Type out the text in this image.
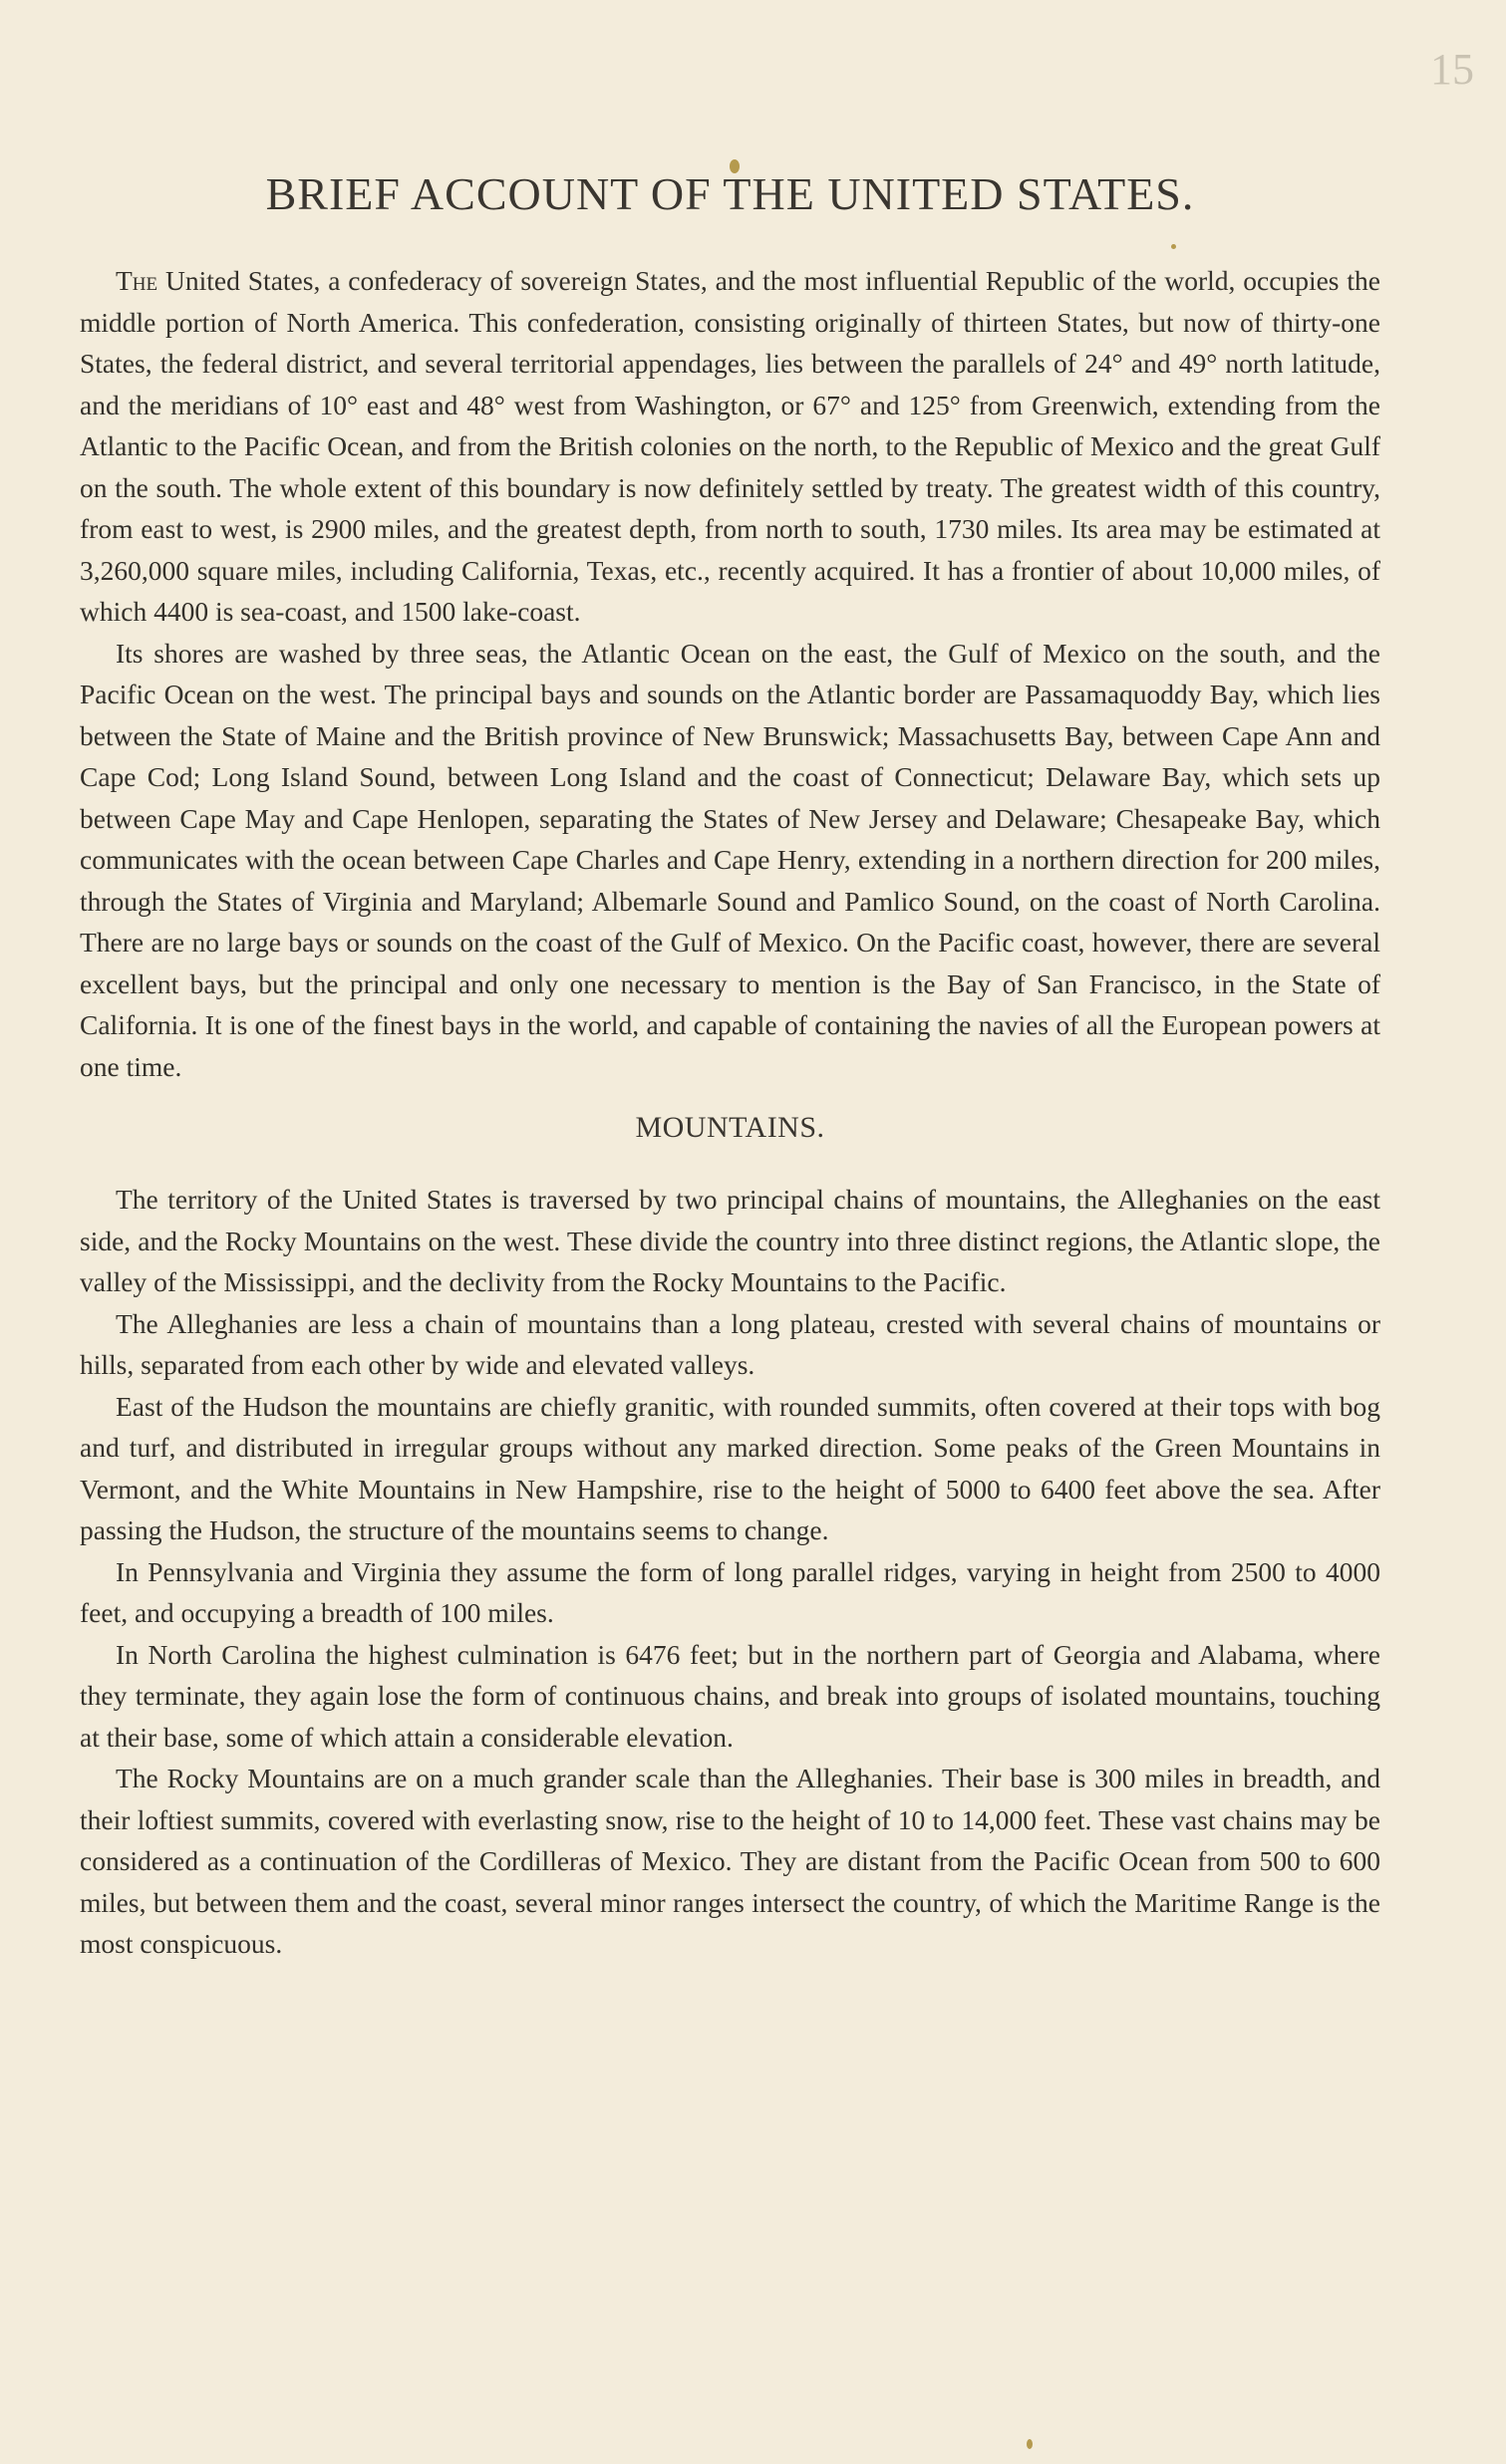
15
BRIEF ACCOUNT OF THE UNITED STATES.

The United States, a confederacy of sovereign States, and the most influential Republic of the world, occupies the middle portion of North America. This confederation, consisting originally of thirteen States, but now of thirty-one States, the federal district, and several territorial appendages, lies between the parallels of 24° and 49° north latitude, and the meridians of 10° east and 48° west from Washington, or 67° and 125° from Greenwich, extending from the Atlantic to the Pacific Ocean, and from the British colonies on the north, to the Republic of Mexico and the great Gulf on the south. The whole extent of this boundary is now definitely settled by treaty. The greatest width of this country, from east to west, is 2900 miles, and the greatest depth, from north to south, 1730 miles. Its area may be estimated at 3,260,000 square miles, including California, Texas, etc., recently acquired. It has a frontier of about 10,000 miles, of which 4400 is sea-coast, and 1500 lake-coast.

Its shores are washed by three seas, the Atlantic Ocean on the east, the Gulf of Mexico on the south, and the Pacific Ocean on the west. The principal bays and sounds on the Atlantic border are Passamaquoddy Bay, which lies between the State of Maine and the British province of New Brunswick; Massachusetts Bay, between Cape Ann and Cape Cod; Long Island Sound, between Long Island and the coast of Connecticut; Delaware Bay, which sets up between Cape May and Cape Henlopen, separating the States of New Jersey and Delaware; Chesapeake Bay, which communicates with the ocean between Cape Charles and Cape Henry, extending in a northern direction for 200 miles, through the States of Virginia and Maryland; Albemarle Sound and Pamlico Sound, on the coast of North Carolina. There are no large bays or sounds on the coast of the Gulf of Mexico. On the Pacific coast, however, there are several excellent bays, but the principal and only one necessary to mention is the Bay of San Francisco, in the State of California. It is one of the finest bays in the world, and capable of containing the navies of all the European powers at one time.

MOUNTAINS.

The territory of the United States is traversed by two principal chains of mountains, the Alleghanies on the east side, and the Rocky Mountains on the west. These divide the country into three distinct regions, the Atlantic slope, the valley of the Mississippi, and the declivity from the Rocky Mountains to the Pacific.

The Alleghanies are less a chain of mountains than a long plateau, crested with several chains of mountains or hills, separated from each other by wide and elevated valleys.

East of the Hudson the mountains are chiefly granitic, with rounded summits, often covered at their tops with bog and turf, and distributed in irregular groups without any marked direction. Some peaks of the Green Mountains in Vermont, and the White Mountains in New Hampshire, rise to the height of 5000 to 6400 feet above the sea. After passing the Hudson, the structure of the mountains seems to change.

In Pennsylvania and Virginia they assume the form of long parallel ridges, varying in height from 2500 to 4000 feet, and occupying a breadth of 100 miles.

In North Carolina the highest culmination is 6476 feet; but in the northern part of Georgia and Alabama, where they terminate, they again lose the form of continuous chains, and break into groups of isolated mountains, touching at their base, some of which attain a considerable elevation.

The Rocky Mountains are on a much grander scale than the Alleghanies. Their base is 300 miles in breadth, and their loftiest summits, covered with everlasting snow, rise to the height of 10 to 14,000 feet. These vast chains may be considered as a continuation of the Cordilleras of Mexico. They are distant from the Pacific Ocean from 500 to 600 miles, but between them and the coast, several minor ranges intersect the country, of which the Maritime Range is the most conspicuous.
